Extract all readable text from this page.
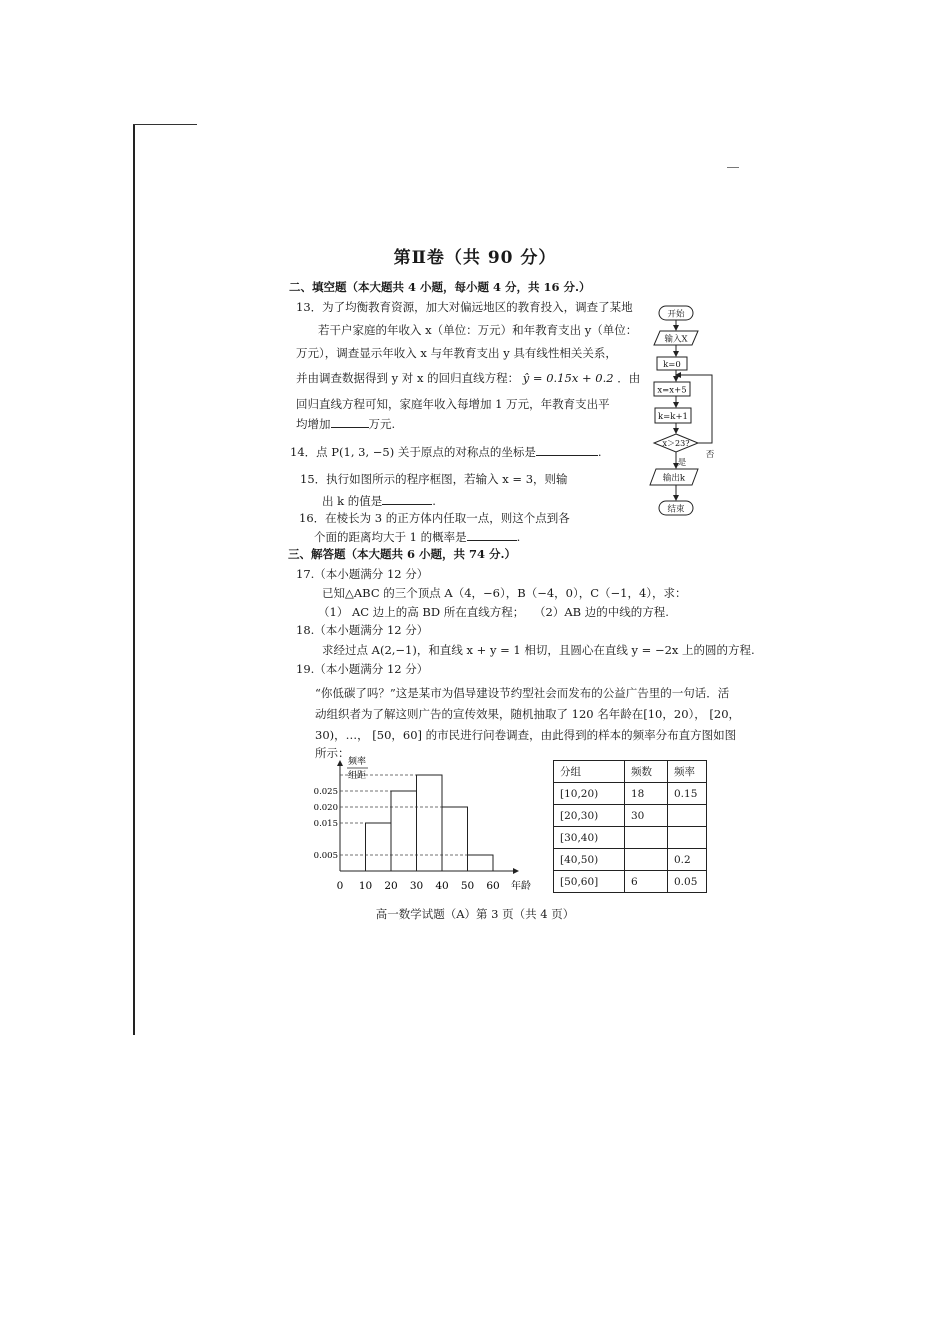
第Ⅱ卷（共 90 分）
二、填空题（本大题共 4 小题，每小题 4 分，共 16 分.）
13．为了均衡教育资源，加大对偏远地区的教育投入，调查了某地
若干户家庭的年收入 x（单位：万元）和年教育支出 y（单位：
万元），调查显示年收入 x 与年教育支出 y 具有线性相关关系，
并由调查数据得到 y 对 x 的回归直线方程： ŷ = 0.15x + 0.2 ．由
回归直线方程可知，家庭年收入每增加 1 万元，年教育支出平
均增加	万元.
14．点 P(1, 3, −5) 关于原点的对称点的坐标是	.
15．执行如图所示的程序框图，若输入 x = 3，则输
出 k 的值是	.
16．在棱长为 3 的正方体内任取一点，则这个点到各
个面的距离均大于 1 的概率是	.
开始
输入X
k=0
x=x+5
k=k+1
x＞23?
否
是
输出k
结束
三、解答题（本大题共 6 小题，共 74 分.）
17.（本小题满分 12 分）
已知△ABC 的三个顶点 A（4，−6），B（−4，0），C（−1，4），求：
（1） AC 边上的高 BD 所在直线方程； （2）AB 边的中线的方程.
18.（本小题满分 12 分）
求经过点 A(2,−1)，和直线 x + y = 1 相切，且圆心在直线 y = −2x 上的圆的方程.
19.（本小题满分 12 分）
“你低碳了吗？”这是某市为倡导建设节约型社会而发布的公益广告里的一句话．活
动组织者为了解这则广告的宣传效果，随机抽取了 120 名年龄在[10，20）， [20，
30)，…， [50，60] 的市民进行问卷调查，由此得到的样本的频率分布直方图如图
所示：
频率
组距
年龄
0 10 20 30 40 50 60
0.005
0.015
0.020
0.025
分组	频数	频率
[10,20)	18	0.15
[20,30)	30	
[30,40)		
[40,50)		0.2
[50,60]	6	0.05
高一数学试题（A）第 3 页（共 4 页）
